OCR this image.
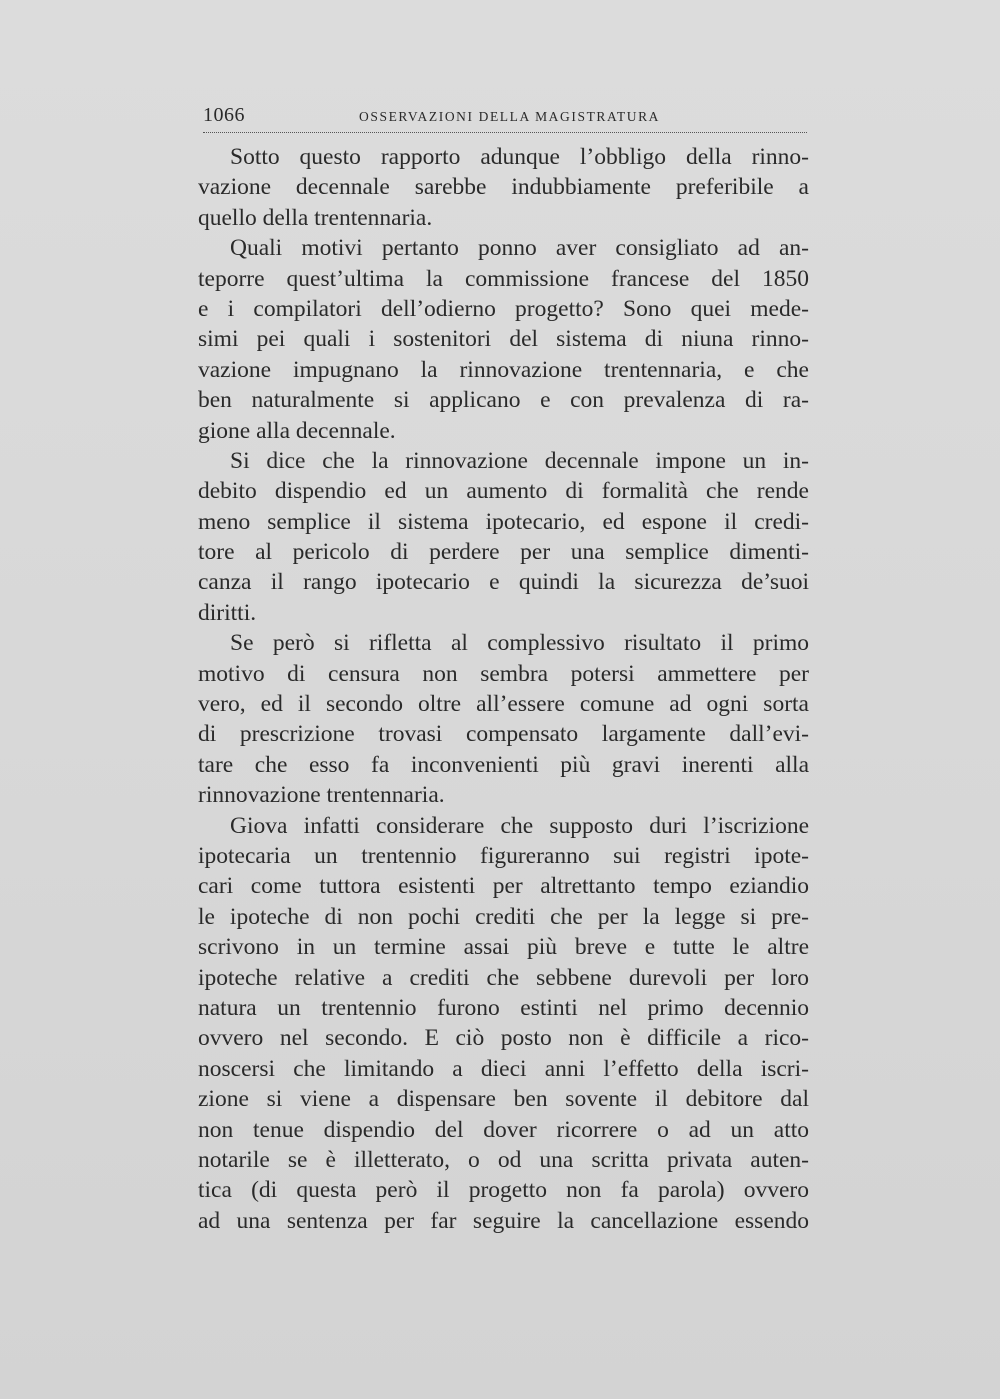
1066	OSSERVAZIONI DELLA MAGISTRATURA
Sotto questo rapporto adunque l’obbligo della rinno-
vazione decennale sarebbe indubbiamente preferibile a
quello della trentennaria.
Quali motivi pertanto ponno aver consigliato ad an-
teporre quest’ultima la commissione francese del 1850
e i compilatori dell’odierno progetto? Sono quei mede-
simi pei quali i sostenitori del sistema di niuna rinno-
vazione impugnano la rinnovazione trentennaria, e che
ben naturalmente si applicano e con prevalenza di ra-
gione alla decennale.
Si dice che la rinnovazione decennale impone un in-
debito dispendio ed un aumento di formalità che rende
meno semplice il sistema ipotecario, ed espone il credi-
tore al pericolo di perdere per una semplice dimenti-
canza il rango ipotecario e quindi la sicurezza de’suoi
diritti.
Se però si rifletta al complessivo risultato il primo
motivo di censura non sembra potersi ammettere per
vero, ed il secondo oltre all’essere comune ad ogni sorta
di prescrizione trovasi compensato largamente dall’evi-
tare che esso fa inconvenienti più gravi inerenti alla
rinnovazione trentennaria.
Giova infatti considerare che supposto duri l’iscrizione
ipotecaria un trentennio figureranno sui registri ipote-
cari come tuttora esistenti per altrettanto tempo eziandio
le ipoteche di non pochi crediti che per la legge si pre-
scrivono in un termine assai più breve e tutte le altre
ipoteche relative a crediti che sebbene durevoli per loro
natura un trentennio furono estinti nel primo decennio
ovvero nel secondo. E ciò posto non è difficile a rico-
noscersi che limitando a dieci anni l’effetto della iscri-
zione si viene a dispensare ben sovente il debitore dal
non tenue dispendio del dover ricorrere o ad un atto
notarile se è illetterato, o od una scritta privata auten-
tica (di questa però il progetto non fa parola) ovvero
ad una sentenza per far seguire la cancellazione essendo
